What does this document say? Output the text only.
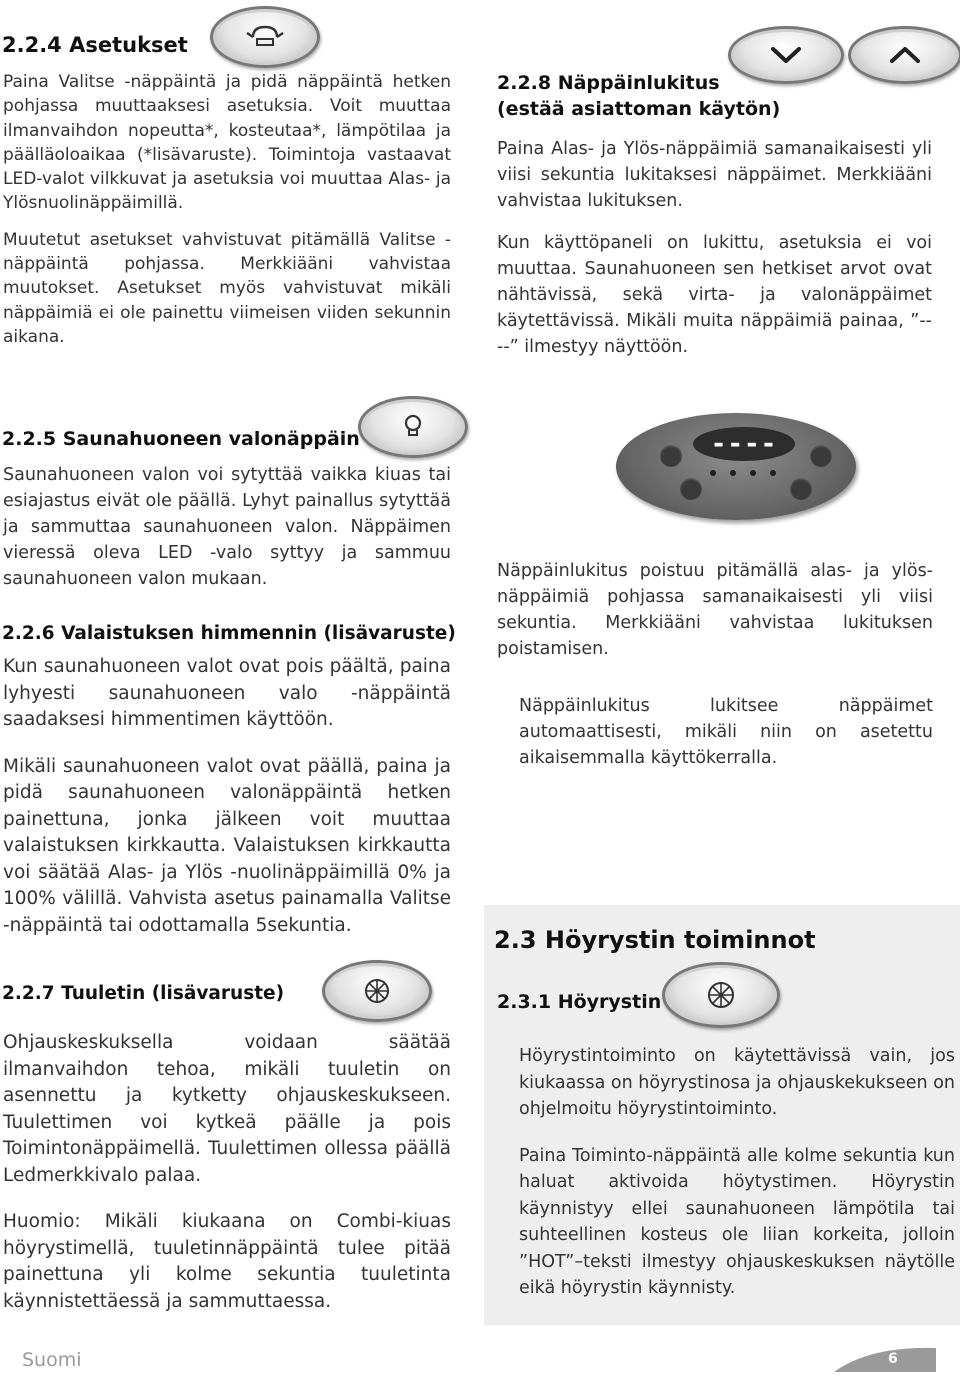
2.2.4 Asetukset

Paina Valitse -näppäintä ja pidä näppäintä hetken pohjassa muuttaaksesi asetuksia. Voit muuttaa ilmanvaihdon nopeutta*, kosteutaa*, lämpötilaa ja päälläoloaikaa (*lisävaruste). Toimintoja vastaavat LED-valot vilkkuvat ja asetuksia voi muuttaa Alas- ja Ylösnuolinäppäimillä.

Muutetut asetukset vahvistuvat pitämällä Valitse -näppäintä pohjassa. Merkkiääni vahvistaa muutokset. Asetukset myös vahvistuvat mikäli näppäimiä ei ole painettu viimeisen viiden sekunnin aikana.

2.2.5 Saunahuoneen valonäppäin

Saunahuoneen valon voi sytyttää vaikka kiuas tai esiajastus eivät ole päällä. Lyhyt painallus sytyttää ja sammuttaa saunahuoneen valon. Näppäimen vieressä oleva LED -valo syttyy ja sammuu saunahuoneen valon mukaan.

2.2.6 Valaistuksen himmennin (lisävaruste)

Kun saunahuoneen valot ovat pois päältä, paina lyhyesti saunahuoneen valo -näppäintä saadaksesi himmentimen käyttöön.

Mikäli saunahuoneen valot ovat päällä, paina ja pidä saunahuoneen valonäppäintä hetken painettuna, jonka jälkeen voit muuttaa valaistuksen kirkkautta. Valaistuksen kirkkautta voi säätää Alas- ja Ylös -nuolinäppäimillä 0% ja 100% välillä. Vahvista asetus painamalla Valitse -näppäintä tai odottamalla 5sekuntia.

2.2.7 Tuuletin (lisävaruste)

Ohjauskeskuksella voidaan säätää ilmanvaihdon tehoa, mikäli tuuletin on asennettu ja kytketty ohjauskeskukseen. Tuulettimen voi kytkeä päälle ja pois Toimintonäppäimellä. Tuulettimen ollessa päällä Ledmerkkivalo palaa.

Huomio: Mikäli kiukaana on Combi-kiuas höyrystimellä, tuuletinnäppäintä tulee pitää painettuna yli kolme sekuntia tuuletinta käynnistettäessä ja sammuttaessa.

2.2.8 Näppäinlukitus
(estää asiattoman käytön)

Paina Alas- ja Ylös-näppäimiä samanaikaisesti yli viisi sekuntia lukitaksesi näppäimet. Merkkiääni vahvistaa lukituksen.

Kun käyttöpaneli on lukittu, asetuksia ei voi muuttaa. Saunahuoneen sen hetkiset arvot ovat nähtävissä, sekä virta- ja valonäppäimet käytettävissä. Mikäli muita näppäimiä painaa, ”----” ilmestyy näyttöön.

----

Näppäinlukitus poistuu pitämällä alas- ja ylös-näppäimiä pohjassa samanaikaisesti yli viisi sekuntia. Merkkiääni vahvistaa lukituksen poistamisen.

Näppäinlukitus lukitsee näppäimet automaattisesti, mikäli niin on asetettu aikaisemmalla käyttökerralla.

2.3 Höyrystin toiminnot
2.3.1 Höyrystin

Höyrystintoiminto on käytettävissä vain, jos kiukaassa on höyrystinosa ja ohjauskekukseen on ohjelmoitu höyrystintoiminto.

Paina Toiminto-näppäintä alle kolme sekuntia kun haluat aktivoida höytystimen. Höyrystin käynnistyy ellei saunahuoneen lämpötila tai suhteellinen kosteus ole liian korkeita, jolloin ”HOT”–teksti ilmestyy ohjauskeskuksen näytölle eikä höyrystin käynnisty.

Suomi	6
